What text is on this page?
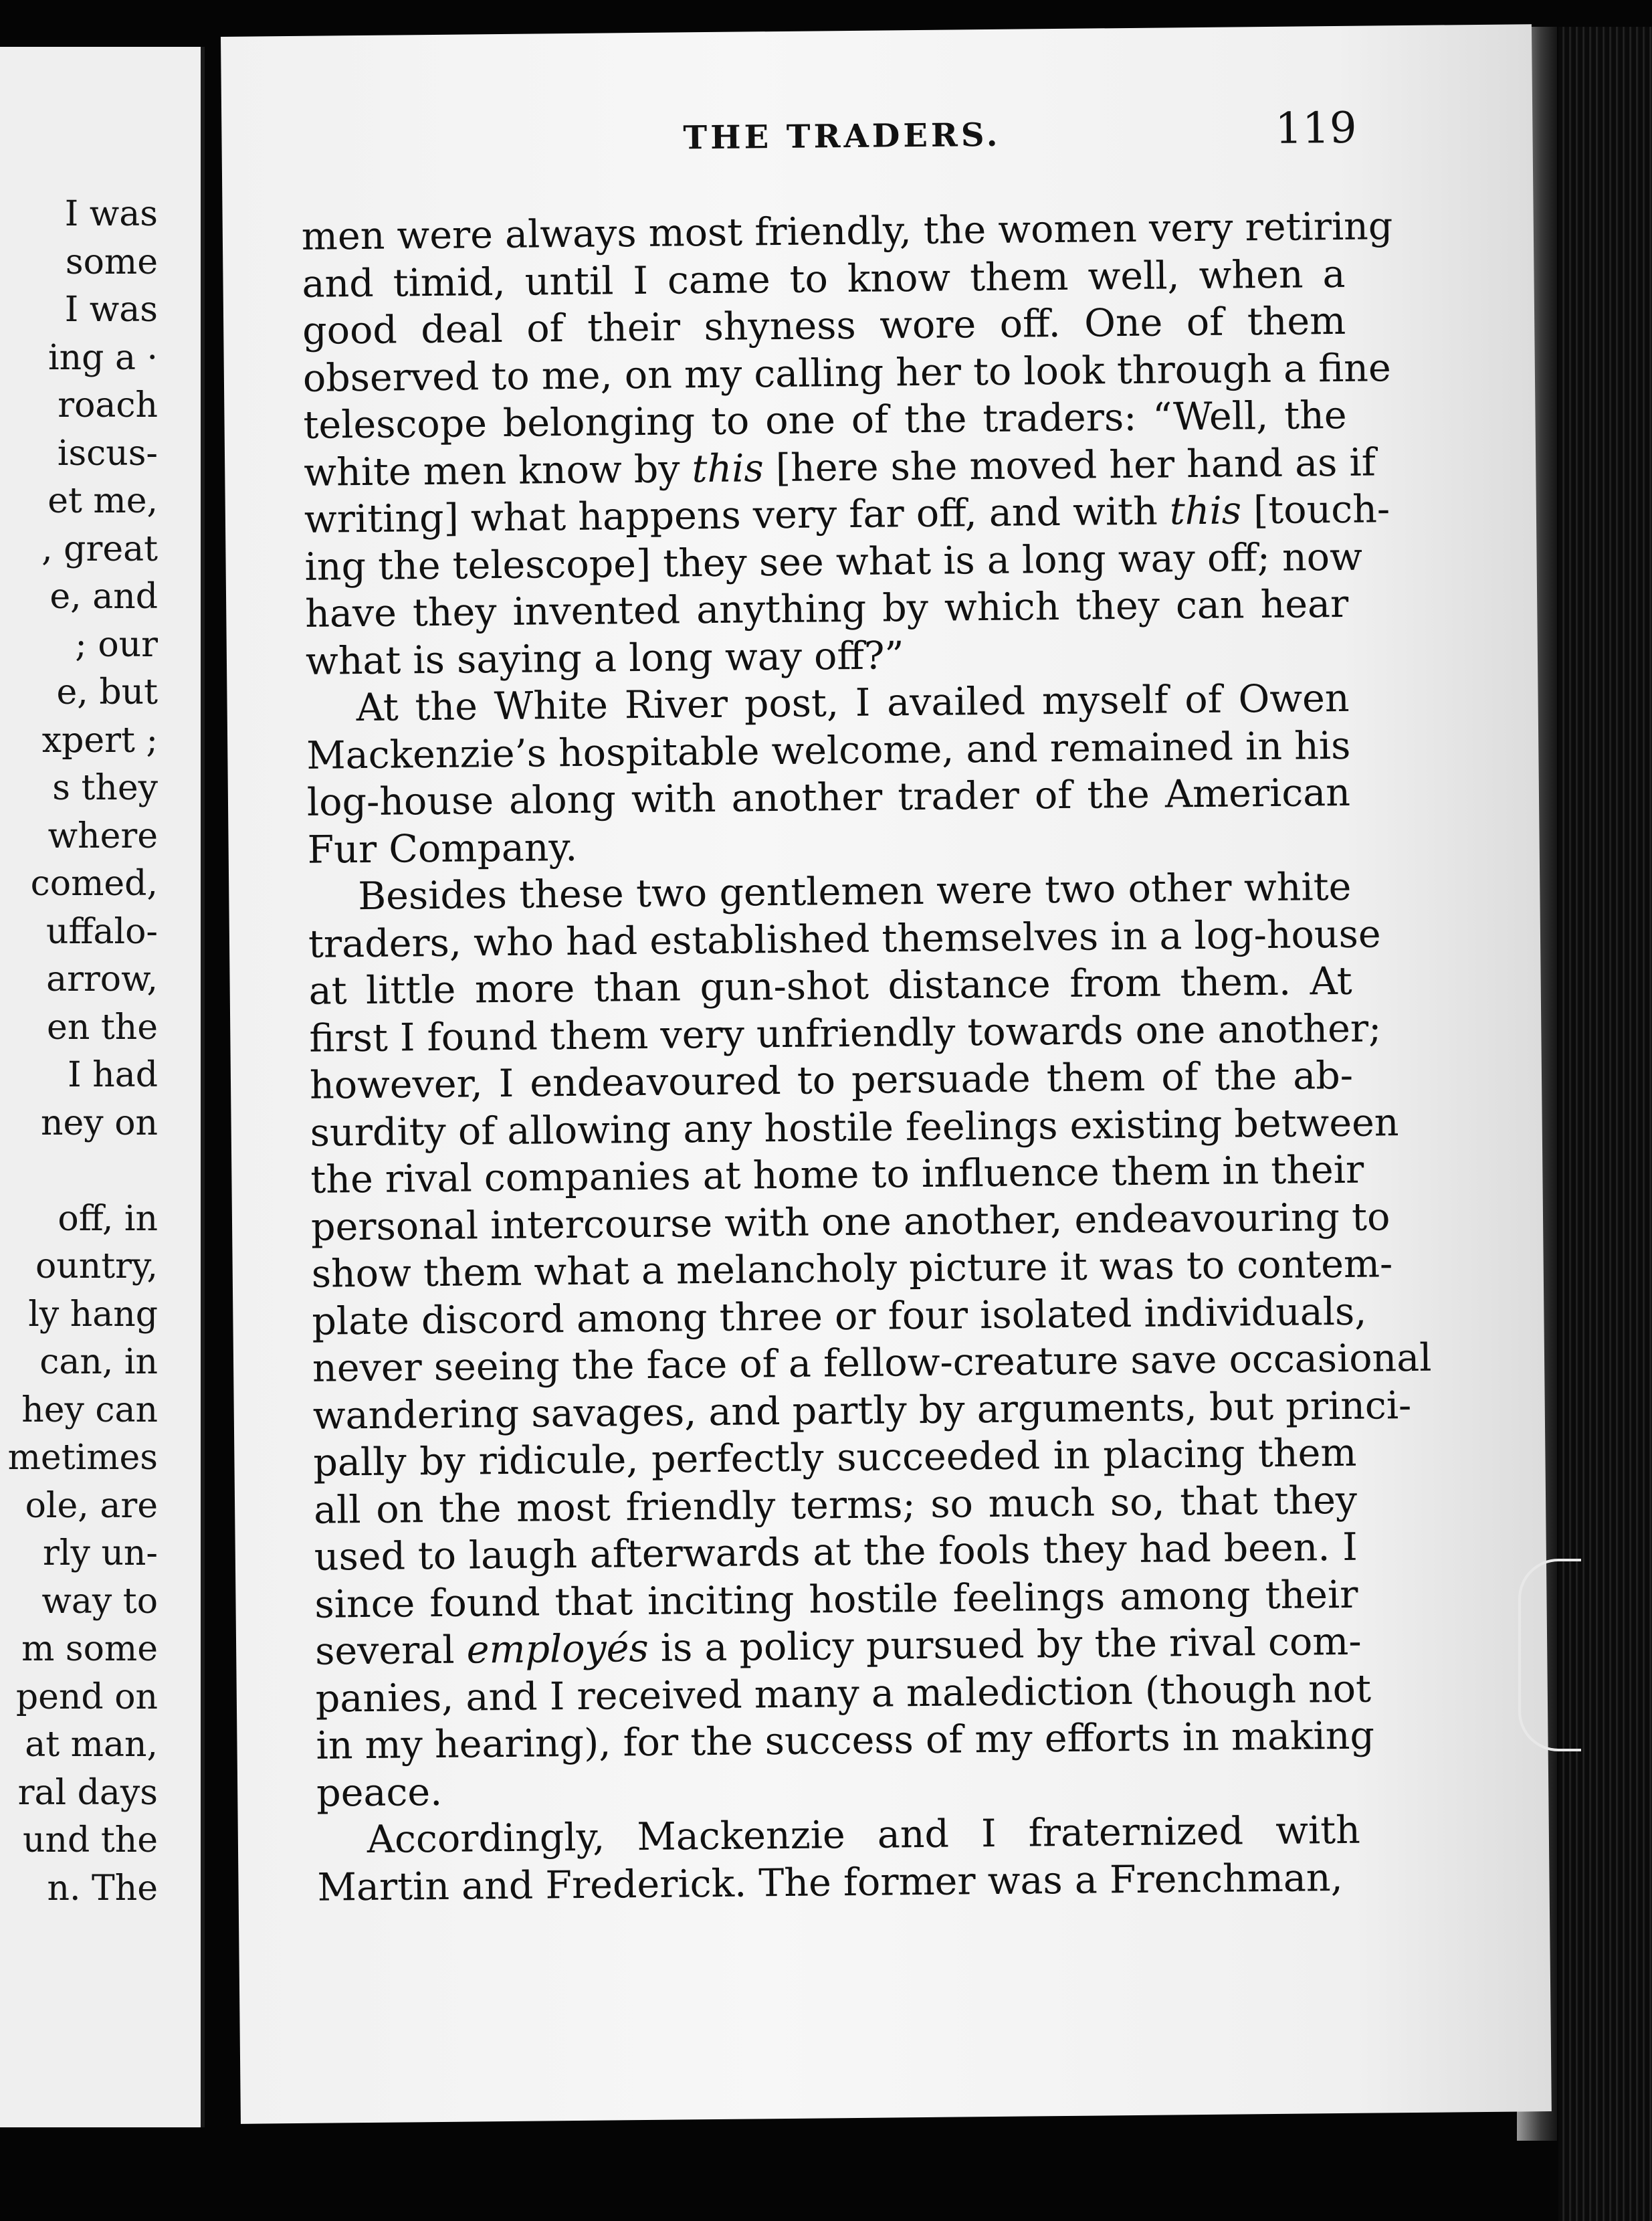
I was
some
I was
ing a ·
roach
iscus-
et me,
, great
e, and
; our
e, but
xpert ;
s they
where
comed,
uffalo-
arrow,
en the
I had
ney on
off, in
ountry,
ly hang
can, in
hey can
metimes
ole, are
rly un-
way to
m some
pend on
at man,
ral days
und the
n. The
THE TRADERS.	119
men were always most friendly, the women very retiring
and timid, until I came to know them well, when a
good deal of their shyness wore off. One of them
observed to me, on my calling her to look through a fine
telescope belonging to one of the traders: “Well, the
white men know by this [here she moved her hand as if
writing] what happens very far off, and with this [touch-
ing the telescope] they see what is a long way off; now
have they invented anything by which they can hear
what is saying a long way off?”
At the White River post, I availed myself of Owen
Mackenzie’s hospitable welcome, and remained in his
log-house along with another trader of the American
Fur Company.
Besides these two gentlemen were two other white
traders, who had established themselves in a log-house
at little more than gun-shot distance from them. At
first I found them very unfriendly towards one another;
however, I endeavoured to persuade them of the ab-
surdity of allowing any hostile feelings existing between
the rival companies at home to influence them in their
personal intercourse with one another, endeavouring to
show them what a melancholy picture it was to contem-
plate discord among three or four isolated individuals,
never seeing the face of a fellow-creature save occasional
wandering savages, and partly by arguments, but princi-
pally by ridicule, perfectly succeeded in placing them
all on the most friendly terms; so much so, that they
used to laugh afterwards at the fools they had been. I
since found that inciting hostile feelings among their
several employés is a policy pursued by the rival com-
panies, and I received many a malediction (though not
in my hearing), for the success of my efforts in making
peace.
Accordingly, Mackenzie and I fraternized with
Martin and Frederick. The former was a Frenchman,
